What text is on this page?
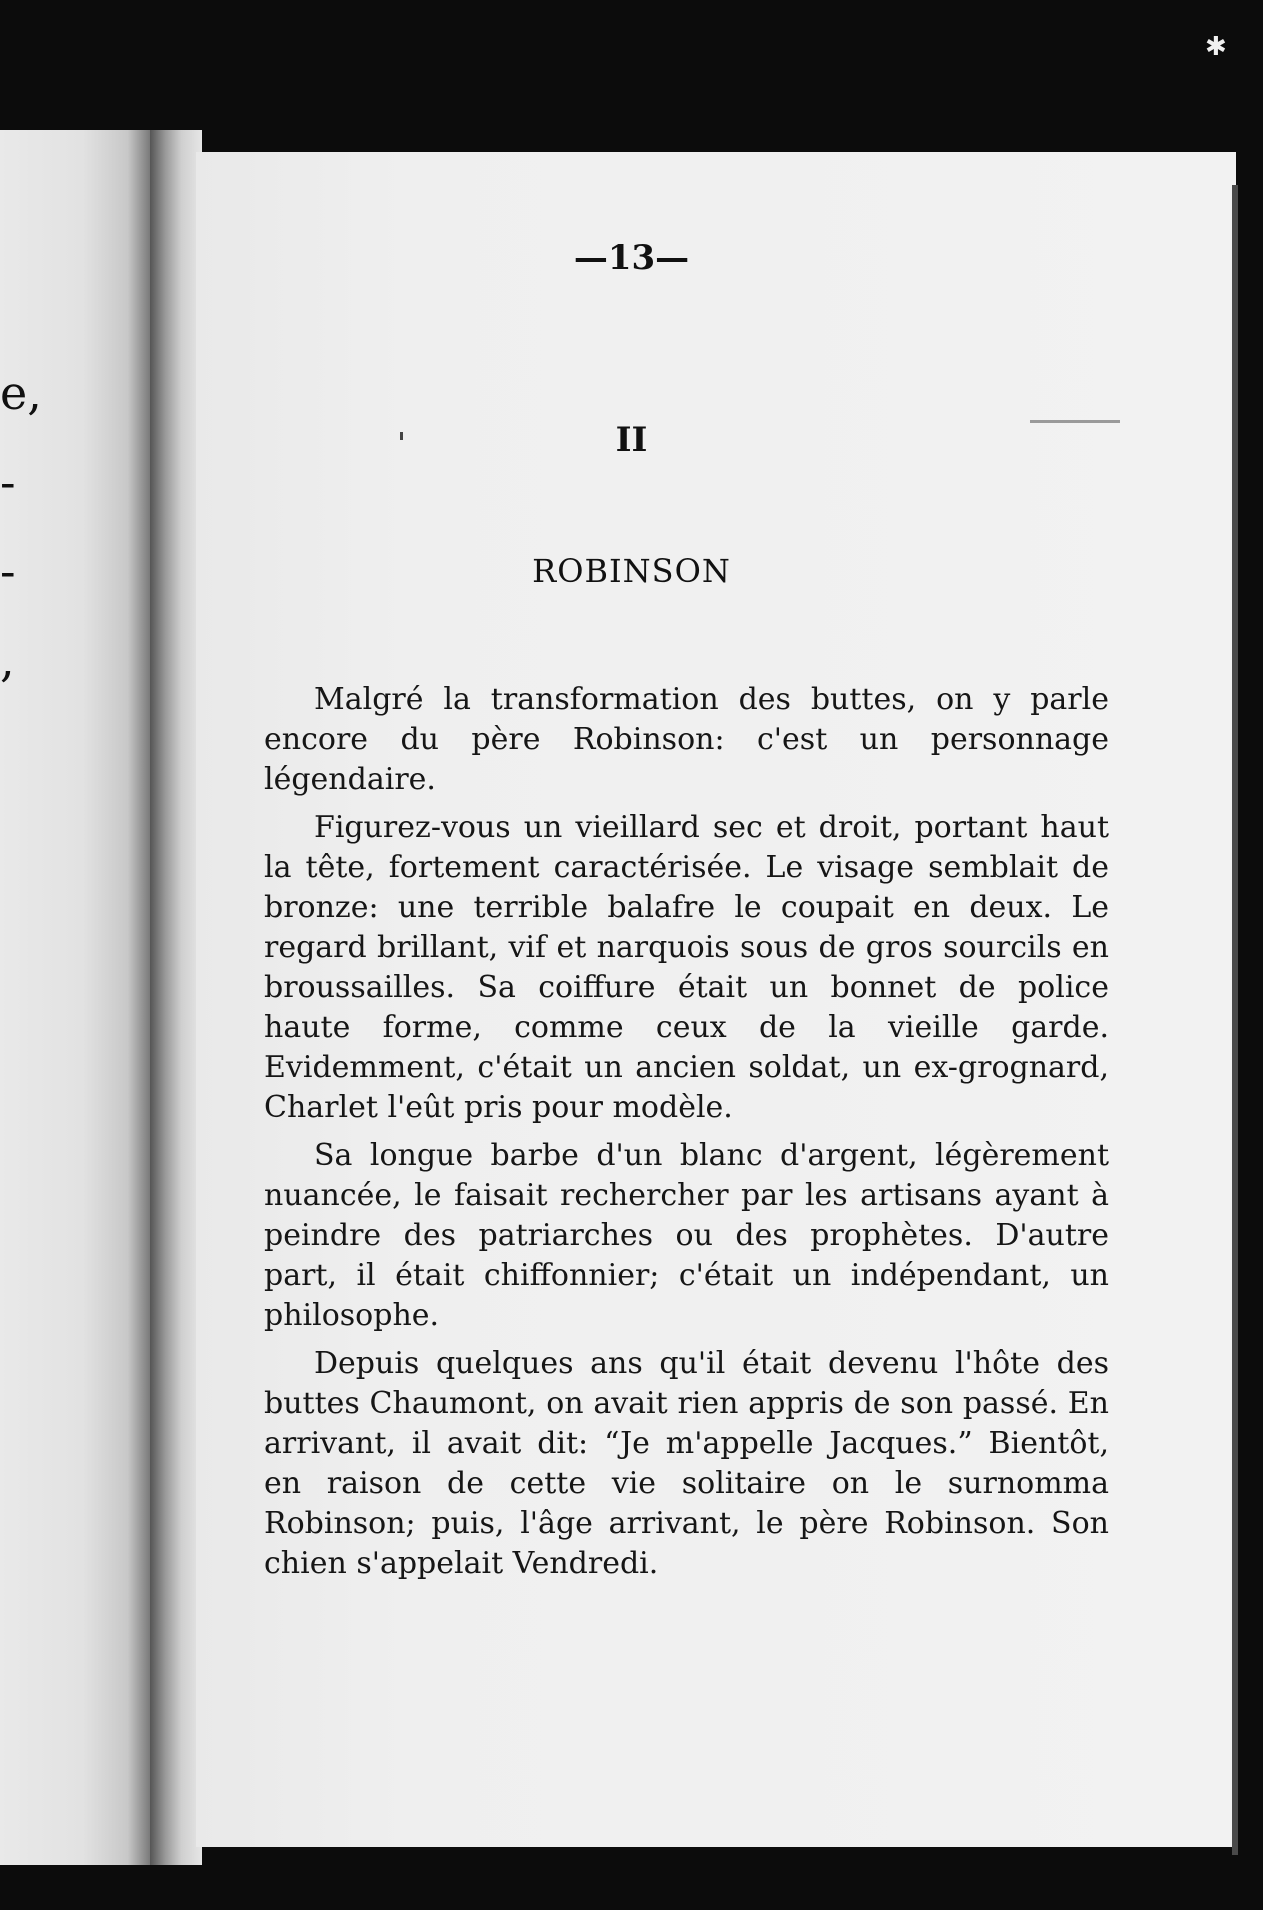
e,
-
-
,
✱
—13—
II
ROBINSON

Malgré la transformation des buttes, on y parle encore du père Robinson: c'est un personnage légendaire.

Figurez-vous un vieillard sec et droit, portant haut la tête, fortement caractérisée. Le visage semblait de bronze: une terrible balafre le coupait en deux. Le regard brillant, vif et narquois sous de gros sourcils en broussailles. Sa coiffure était un bonnet de police haute forme, comme ceux de la vieille garde. Evidemment, c'était un ancien soldat, un ex-grognard, Charlet l'eût pris pour modèle.

Sa longue barbe d'un blanc d'argent, légèrement nuancée, le faisait rechercher par les artisans ayant à peindre des patriarches ou des prophètes. D'autre part, il était chiffonnier; c'était un indépendant, un philosophe.

Depuis quelques ans qu'il était devenu l'hôte des buttes Chaumont, on avait rien appris de son passé. En arrivant, il avait dit: “Je m'appelle Jacques.” Bientôt, en raison de cette vie solitaire on le surnomma Robinson; puis, l'âge arrivant, le père Robinson. Son chien s'appelait Vendredi.
